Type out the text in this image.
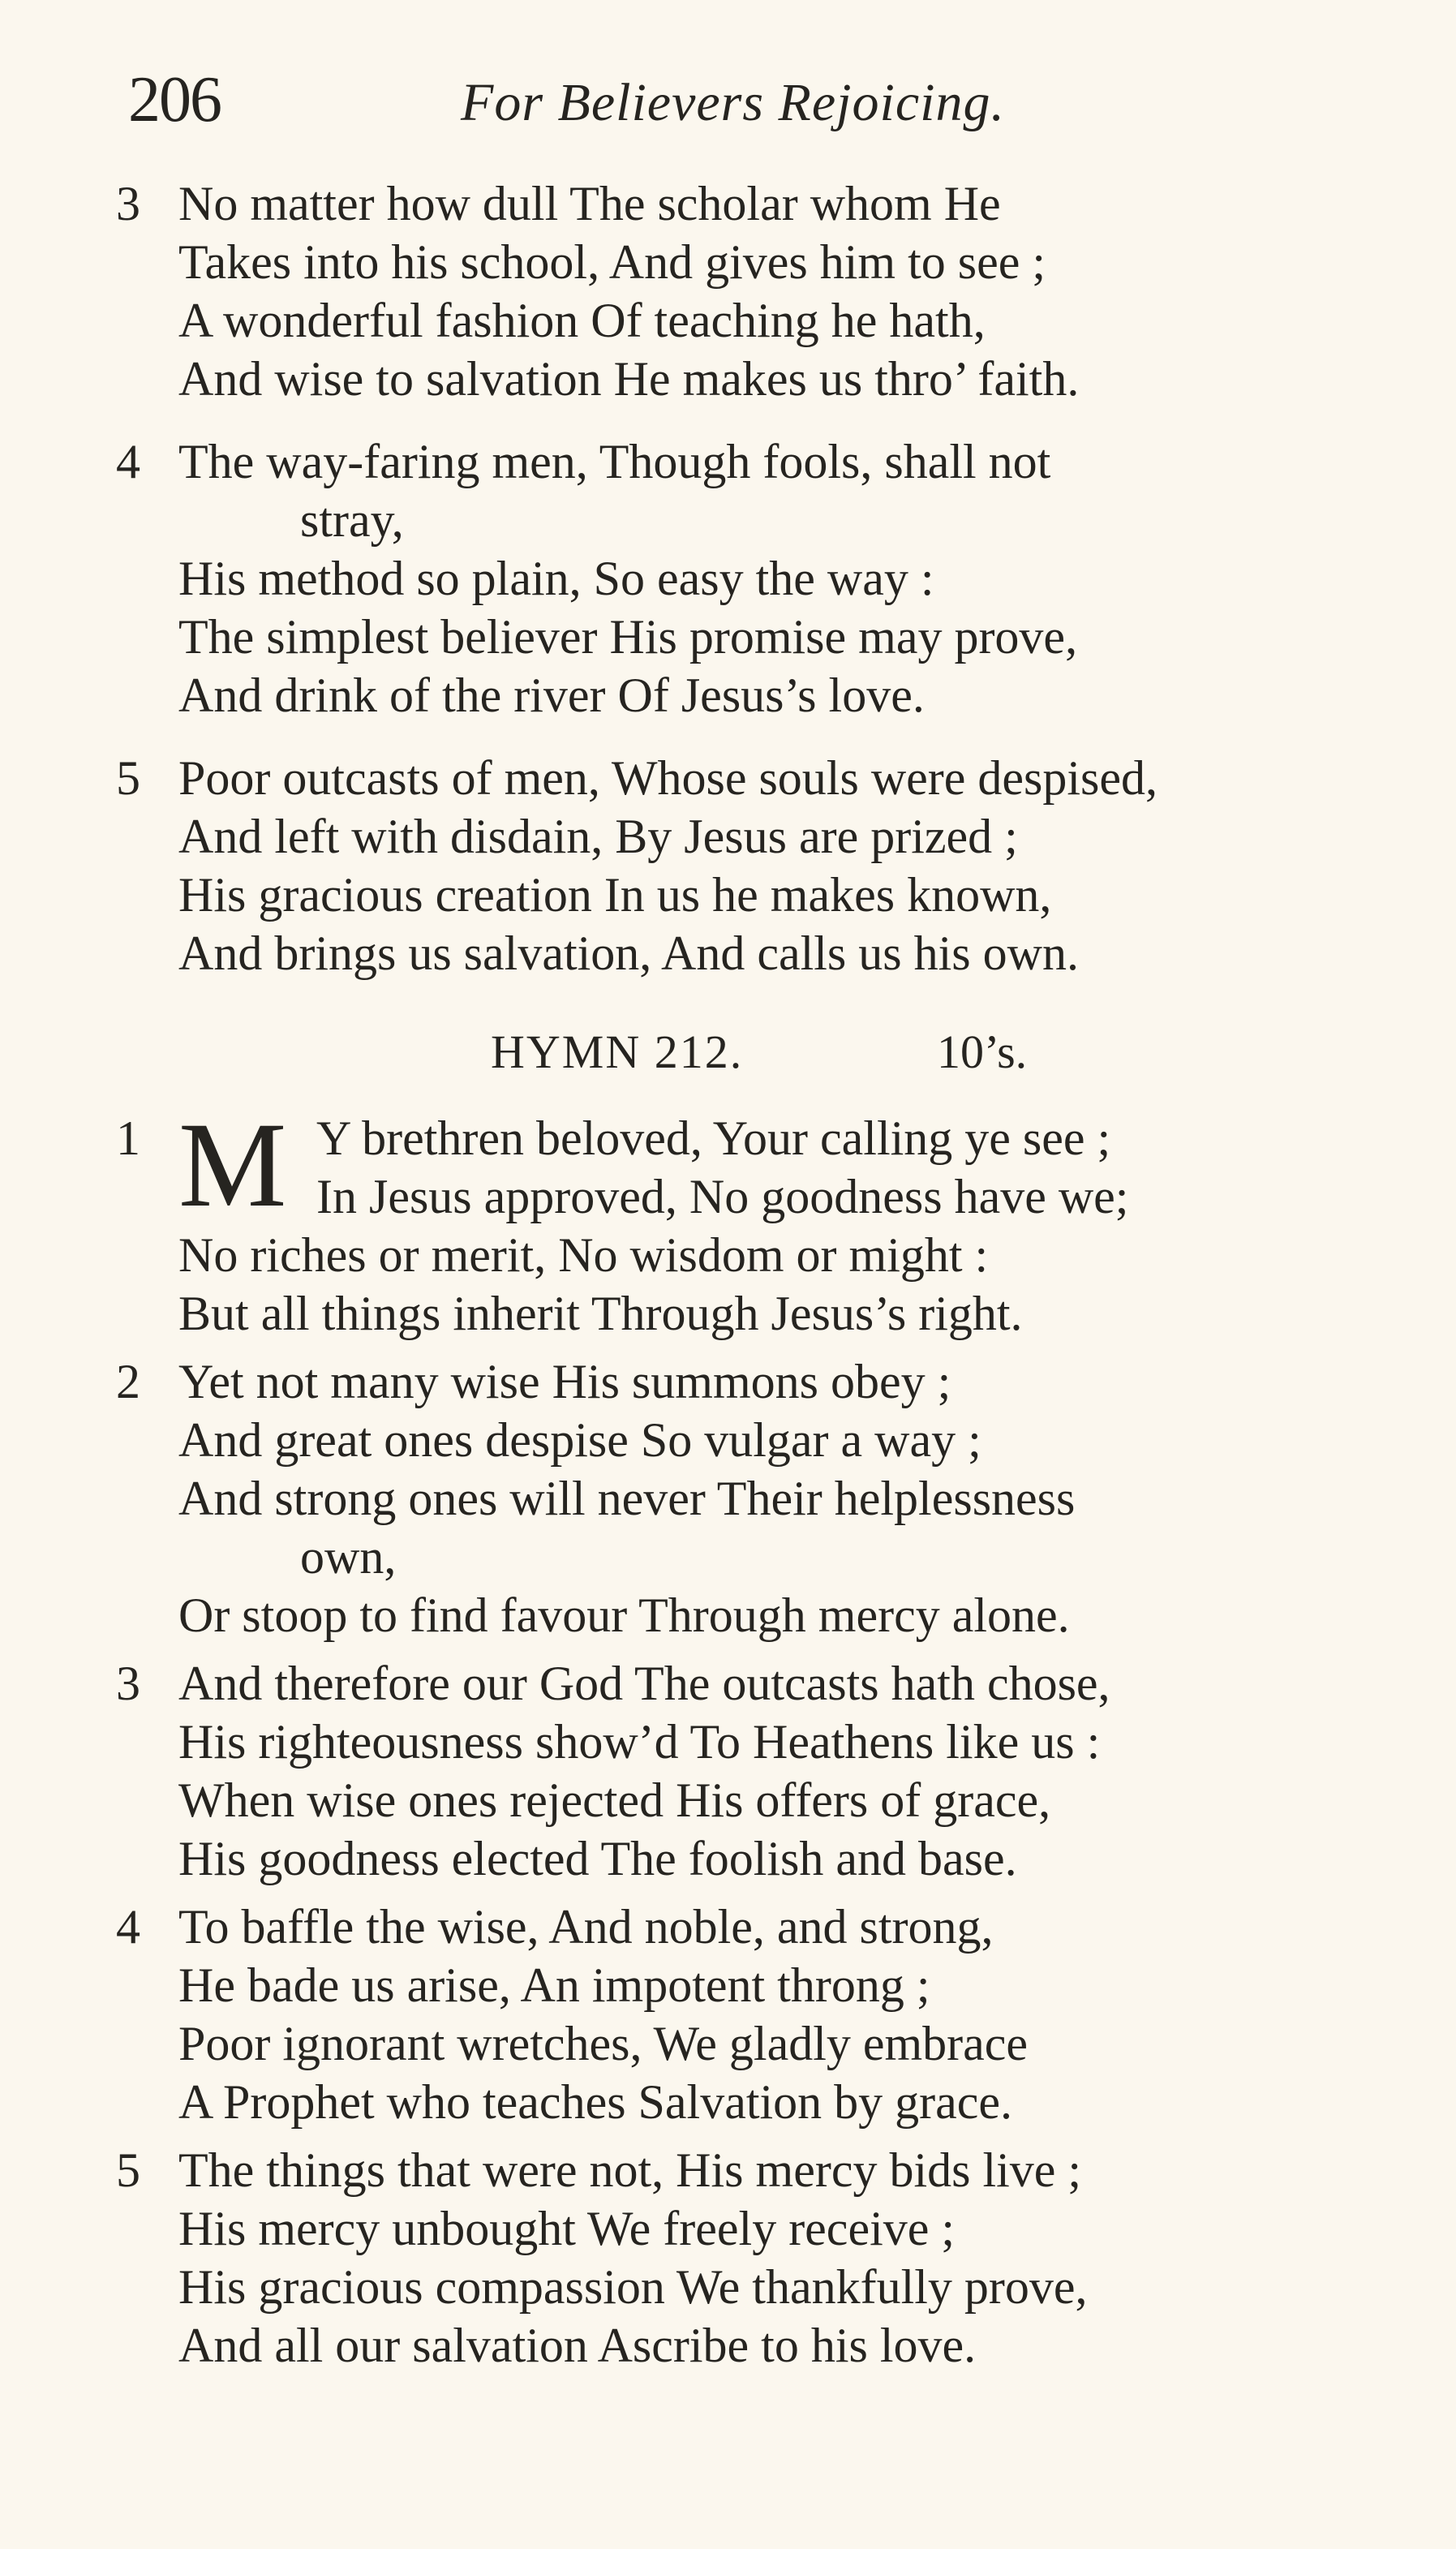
206	For Believers Rejoicing.
3 No matter how dull The scholar whom He
Takes into his school, And gives him to see ;
A wonderful fashion Of teaching he hath,
And wise to salvation He makes us thro’ faith.
4 The way-faring men, Though fools, shall not
stray,
His method so plain, So easy the way :
The simplest believer His promise may prove,
And drink of the river Of Jesus’s love.
5 Poor outcasts of men, Whose souls were despised,
And left with disdain, By Jesus are prized ;
His gracious creation In us he makes known,
And brings us salvation, And calls us his own.
HYMN 212.	10’s.
1 M Y brethren beloved, Your calling ye see ;
In Jesus approved, No goodness have we;
No riches or merit, No wisdom or might :
But all things inherit Through Jesus’s right.
2 Yet not many wise His summons obey ;
And great ones despise So vulgar a way ;
And strong ones will never Their helplessness
own,
Or stoop to find favour Through mercy alone.
3 And therefore our God The outcasts hath chose,
His righteousness show’d To Heathens like us :
When wise ones rejected His offers of grace,
His goodness elected The foolish and base.
4 To baffle the wise, And noble, and strong,
He bade us arise, An impotent throng ;
Poor ignorant wretches, We gladly embrace
A Prophet who teaches Salvation by grace.
5 The things that were not, His mercy bids live ;
His mercy unbought We freely receive ;
His gracious compassion We thankfully prove,
And all our salvation Ascribe to his love.
